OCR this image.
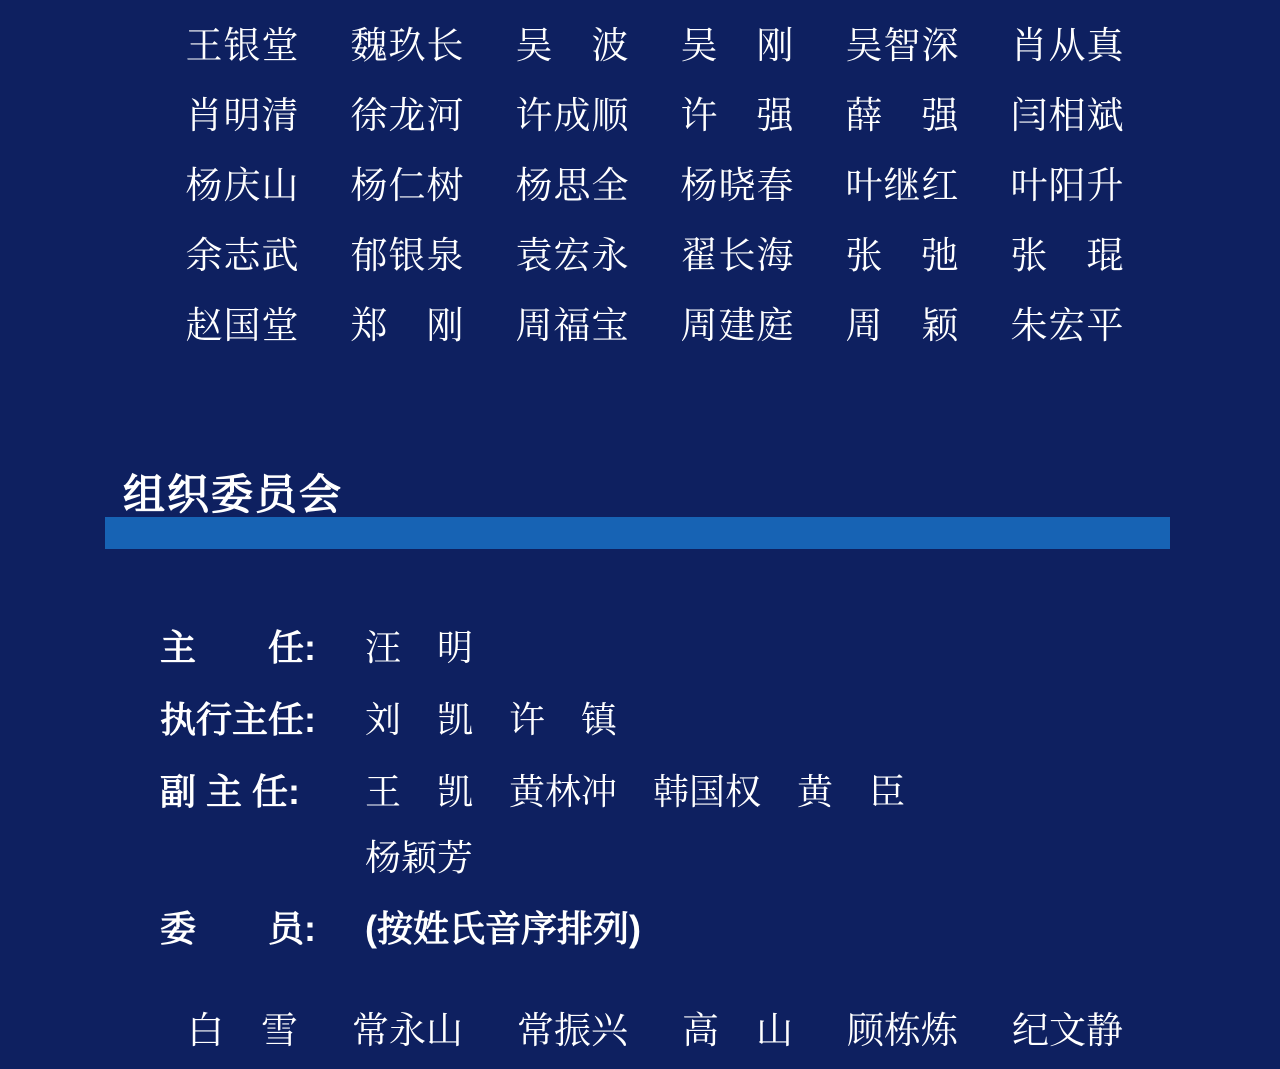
王银堂 魏玖长 吴　波 吴　刚 吴智深 肖从真
肖明清 徐龙河 许成顺 许　强 薛　强 闫相斌
杨庆山 杨仁树 杨思全 杨晓春 叶继红 叶阳升
余志武 郁银泉 袁宏永 翟长海 张　弛 张　琨
赵国堂 郑　刚 周福宝 周建庭 周　颖 朱宏平
组织委员会
主　　任:	汪　明
执行主任:	刘　凯　许　镇
副 主 任:	王　凯　黄林冲　韩国权　黄　臣
杨颖芳
委　　员:	(按姓氏音序排列)
白　雪 常永山 常振兴 高　山 顾栋炼 纪文静
